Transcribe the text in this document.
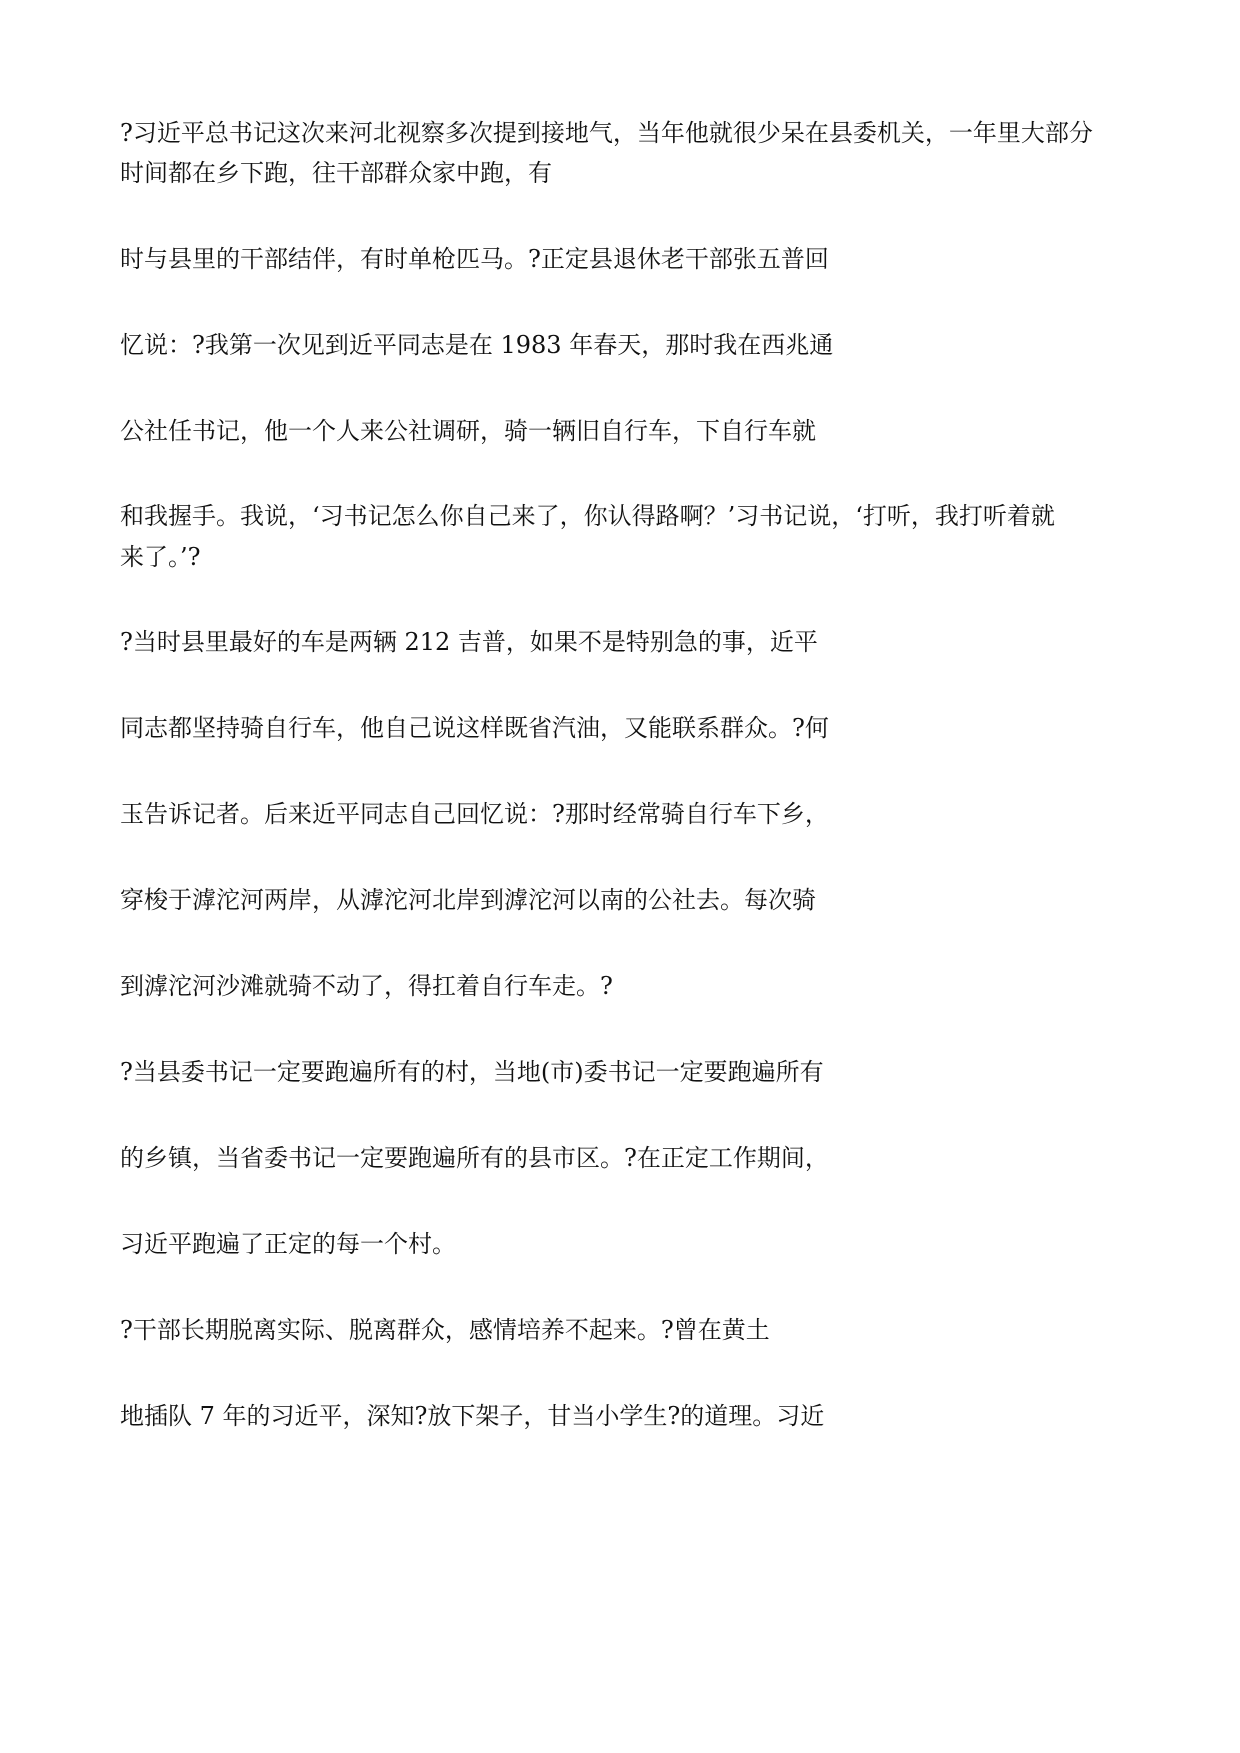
?习近平总书记这次来河北视察多次提到接地气，当年他就很少呆在县委机关，一年里大部分
时间都在乡下跑，往干部群众家中跑，有
时与县里的干部结伴，有时单枪匹马。?正定县退休老干部张五普回
忆说：?我第一次见到近平同志是在 1983 年春天，那时我在西兆通
公社任书记，他一个人来公社调研，骑一辆旧自行车，下自行车就
和我握手。我说，‘习书记怎么你自己来了，你认得路啊？’习书记说，‘打听，我打听着就
来了。’?
?当时县里最好的车是两辆 212 吉普，如果不是特别急的事，近平
同志都坚持骑自行车，他自己说这样既省汽油，又能联系群众。?何
玉告诉记者。后来近平同志自己回忆说：?那时经常骑自行车下乡，
穿梭于滹沱河两岸，从滹沱河北岸到滹沱河以南的公社去。每次骑
到滹沱河沙滩就骑不动了，得扛着自行车走。?
?当县委书记一定要跑遍所有的村，当地(市)委书记一定要跑遍所有
的乡镇，当省委书记一定要跑遍所有的县市区。?在正定工作期间，
习近平跑遍了正定的每一个村。
?干部长期脱离实际、脱离群众，感情培养不起来。?曾在黄土
地插队 7 年的习近平，深知?放下架子，甘当小学生?的道理。习近
